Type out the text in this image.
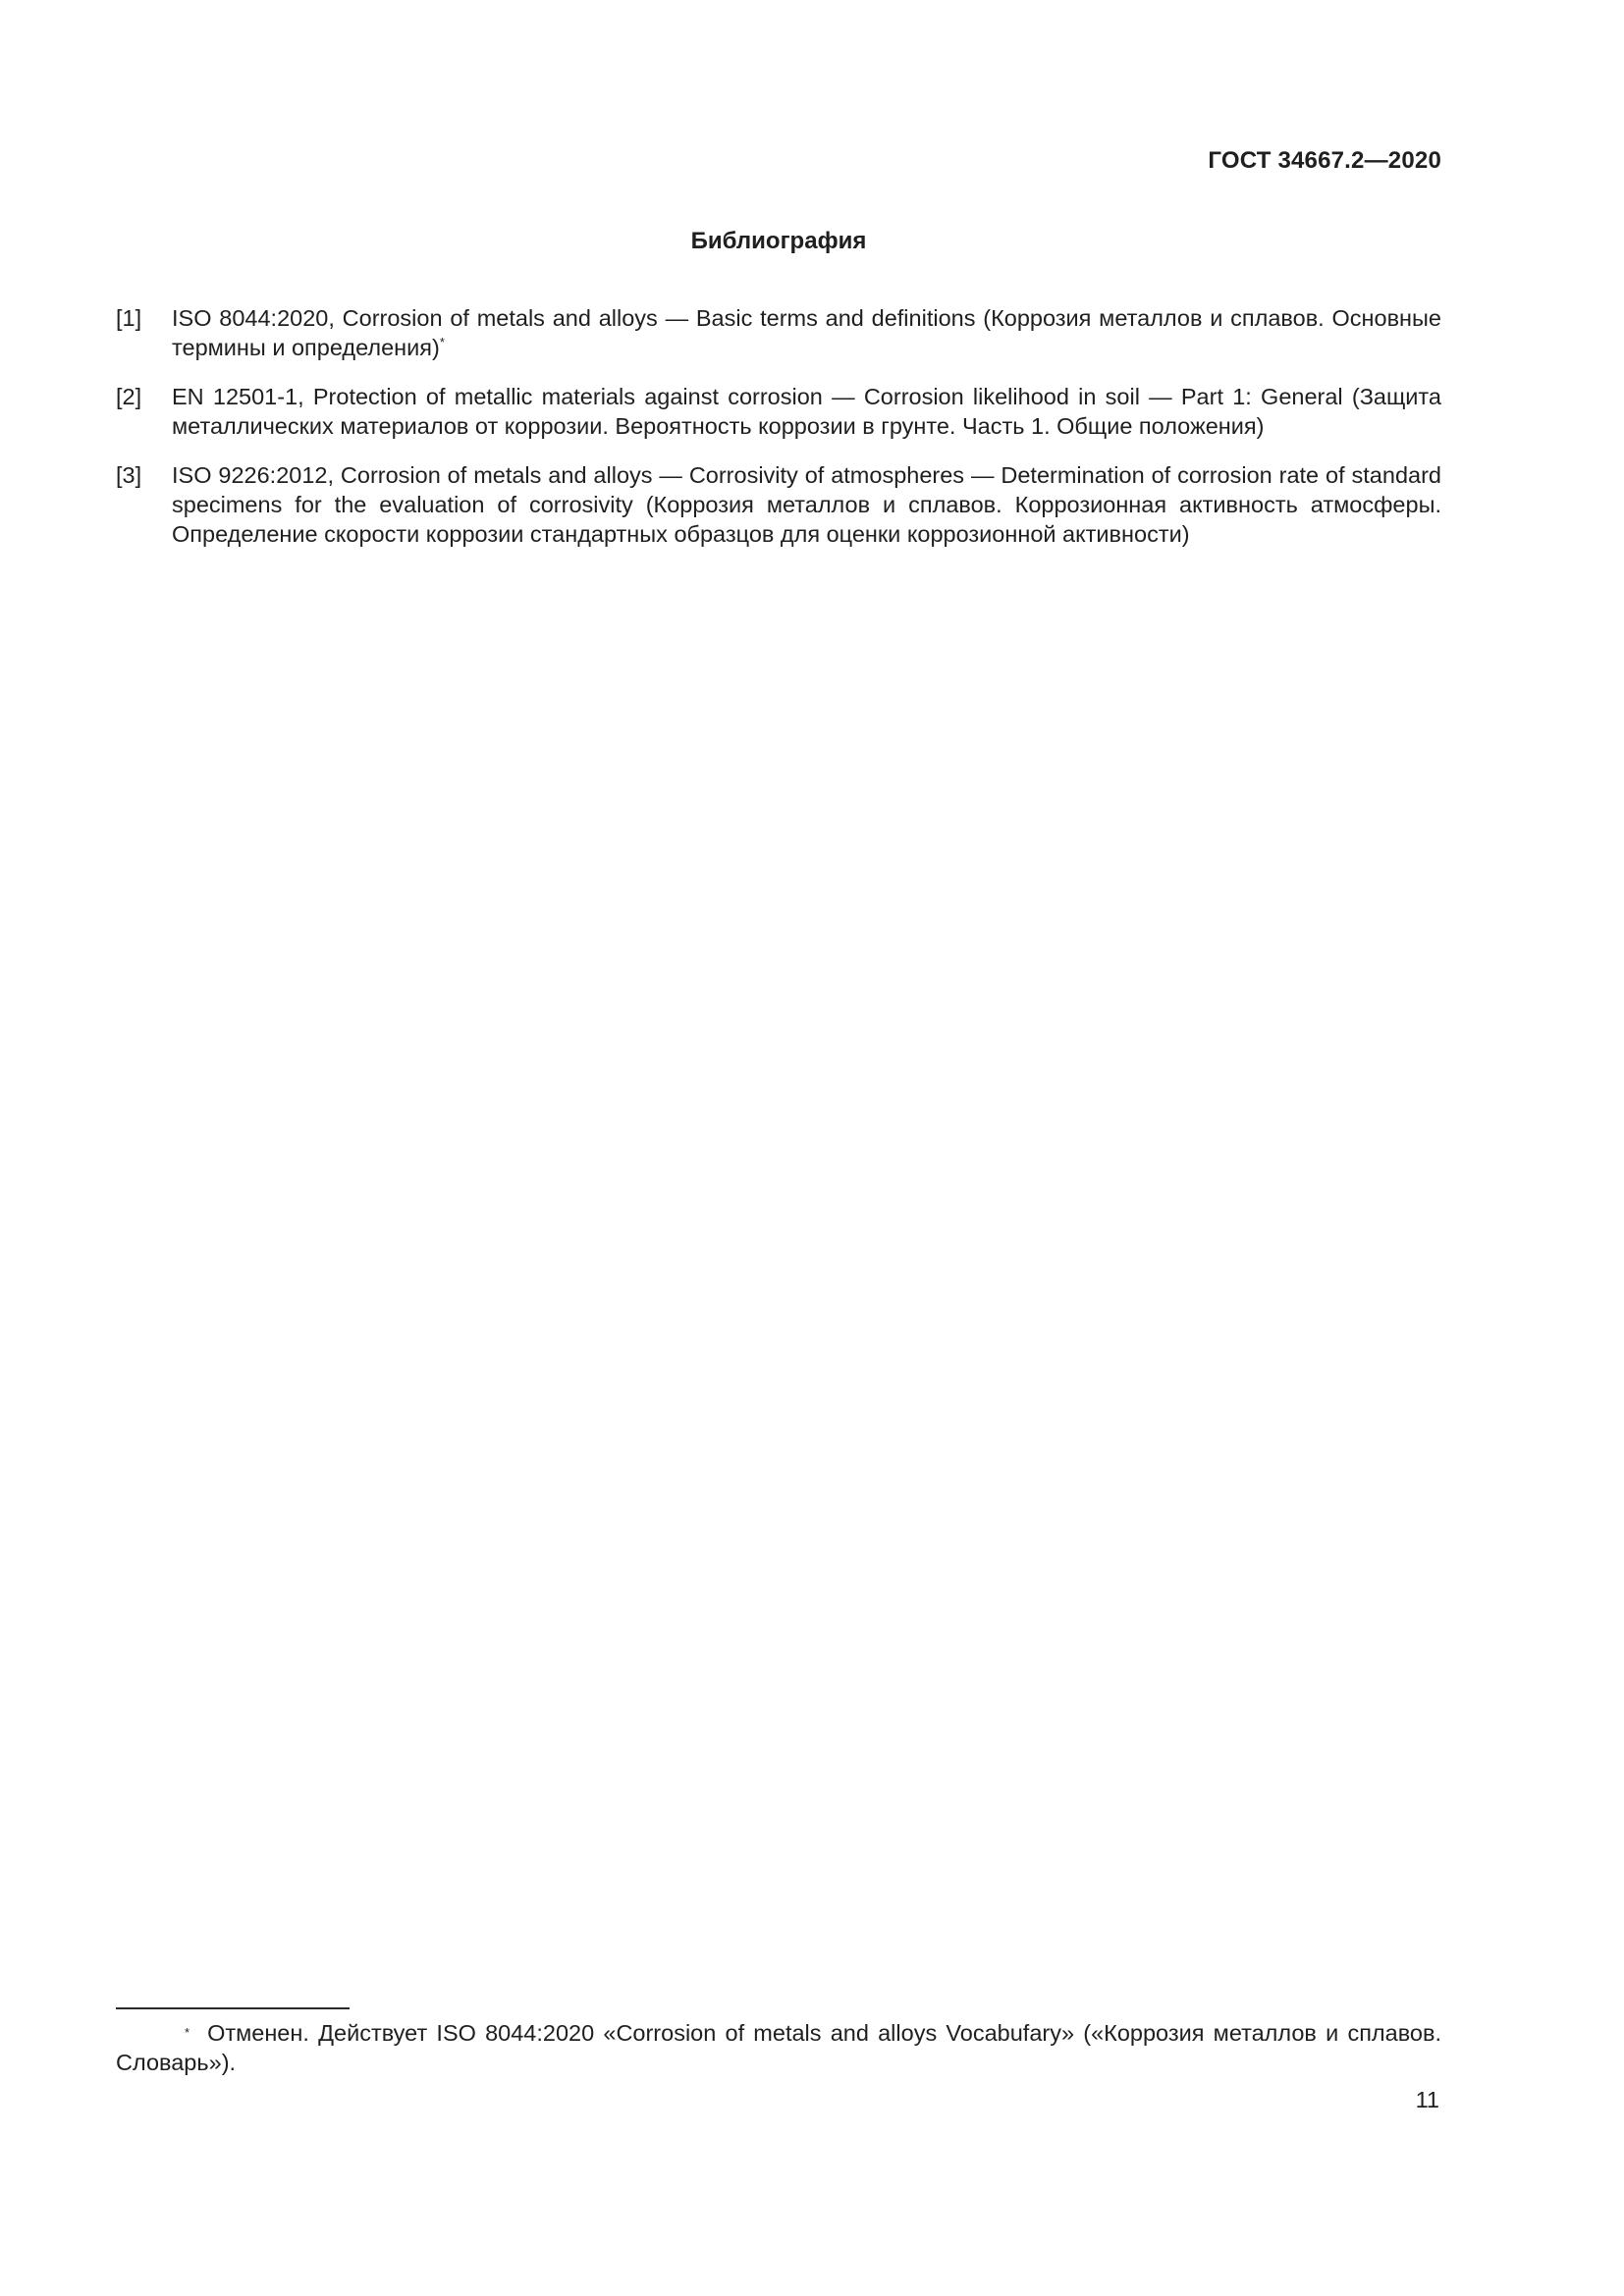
ГОСТ 34667.2—2020
Библиография
[1]	ISO 8044:2020, Corrosion of metals and alloys — Basic terms and definitions (Коррозия металлов и сплавов. Основные термины и определения)*
[2]	EN 12501-1, Protection of metallic materials against corrosion — Corrosion likelihood in soil — Part 1: General (Защита металлических материалов от коррозии. Вероятность коррозии в грунте. Часть 1. Общие положения)
[3]	ISO 9226:2012, Corrosion of metals and alloys — Corrosivity of atmospheres — Determination of corrosion rate of standard specimens for the evaluation of corrosivity (Коррозия металлов и сплавов. Коррозионная активность атмосферы. Определение скорости коррозии стандартных образцов для оценки коррозионной активности)
* Отменен. Действует ISO 8044:2020 «Corrosion of metals and alloys Vocabufary» («Коррозия металлов и сплавов. Словарь»).
11
